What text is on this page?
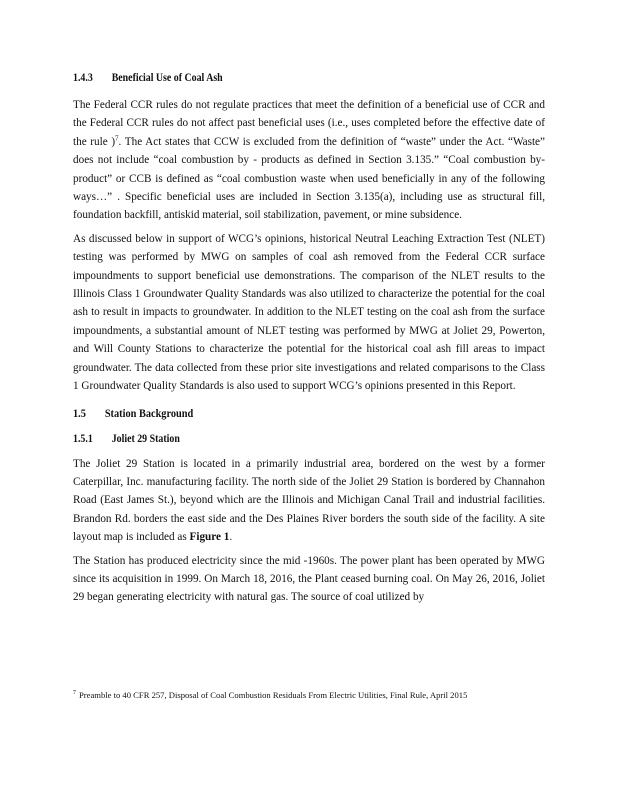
1.4.3 Beneficial Use of Coal Ash

The Federal CCR rules do not regulate practices that meet the definition of a beneficial use of CCR and the Federal CCR rules do not affect past beneficial uses (i.e., uses completed before the effective date of the rule )$^7$. The Act states that CCW is excluded from the definition of “waste” under the Act. “Waste” does not include “coal combustion by - products as defined in Section 3.135.” “Coal combustion by-product” or CCB is defined as “coal combustion waste when used beneficially in any of the following ways…” . Specific beneficial uses are included in Section 3.135(a), including use as structural fill, foundation backfill, antiskid material, soil stabilization, pavement, or mine subsidence.

As discussed below in support of WCG’s opinions, historical Neutral Leaching Extraction Test (NLET) testing was performed by MWG on samples of coal ash removed from the Federal CCR surface impoundments to support beneficial use demonstrations. The comparison of the NLET results to the Illinois Class 1 Groundwater Quality Standards was also utilized to characterize the potential for the coal ash to result in impacts to groundwater. In addition to the NLET testing on the coal ash from the surface impoundments, a substantial amount of NLET testing was performed by MWG at Joliet 29, Powerton, and Will County Stations to characterize the potential for the historical coal ash fill areas to impact groundwater. The data collected from these prior site investigations and related comparisons to the Class 1 Groundwater Quality Standards is also used to support WCG’s opinions presented in this Report.

1.5 Station Background
1.5.1 Joliet 29 Station

The Joliet 29 Station is located in a primarily industrial area, bordered on the west by a former Caterpillar, Inc. manufacturing facility. The north side of the Joliet 29 Station is bordered by Channahon Road (East James St.), beyond which are the Illinois and Michigan Canal Trail and industrial facilities. Brandon Rd. borders the east side and the Des Plaines River borders the south side of the facility. A site layout map is included as Figure 1.

The Station has produced electricity since the mid -1960s. The power plant has been operated by MWG since its acquisition in 1999. On March 18, 2016, the Plant ceased burning coal. On May 26, 2016, Joliet 29 began generating electricity with natural gas. The source of coal utilized by

$^7$ Preamble to 40 CFR 257, Disposal of Coal Combustion Residuals From Electric Utilities, Final Rule, April 2015
